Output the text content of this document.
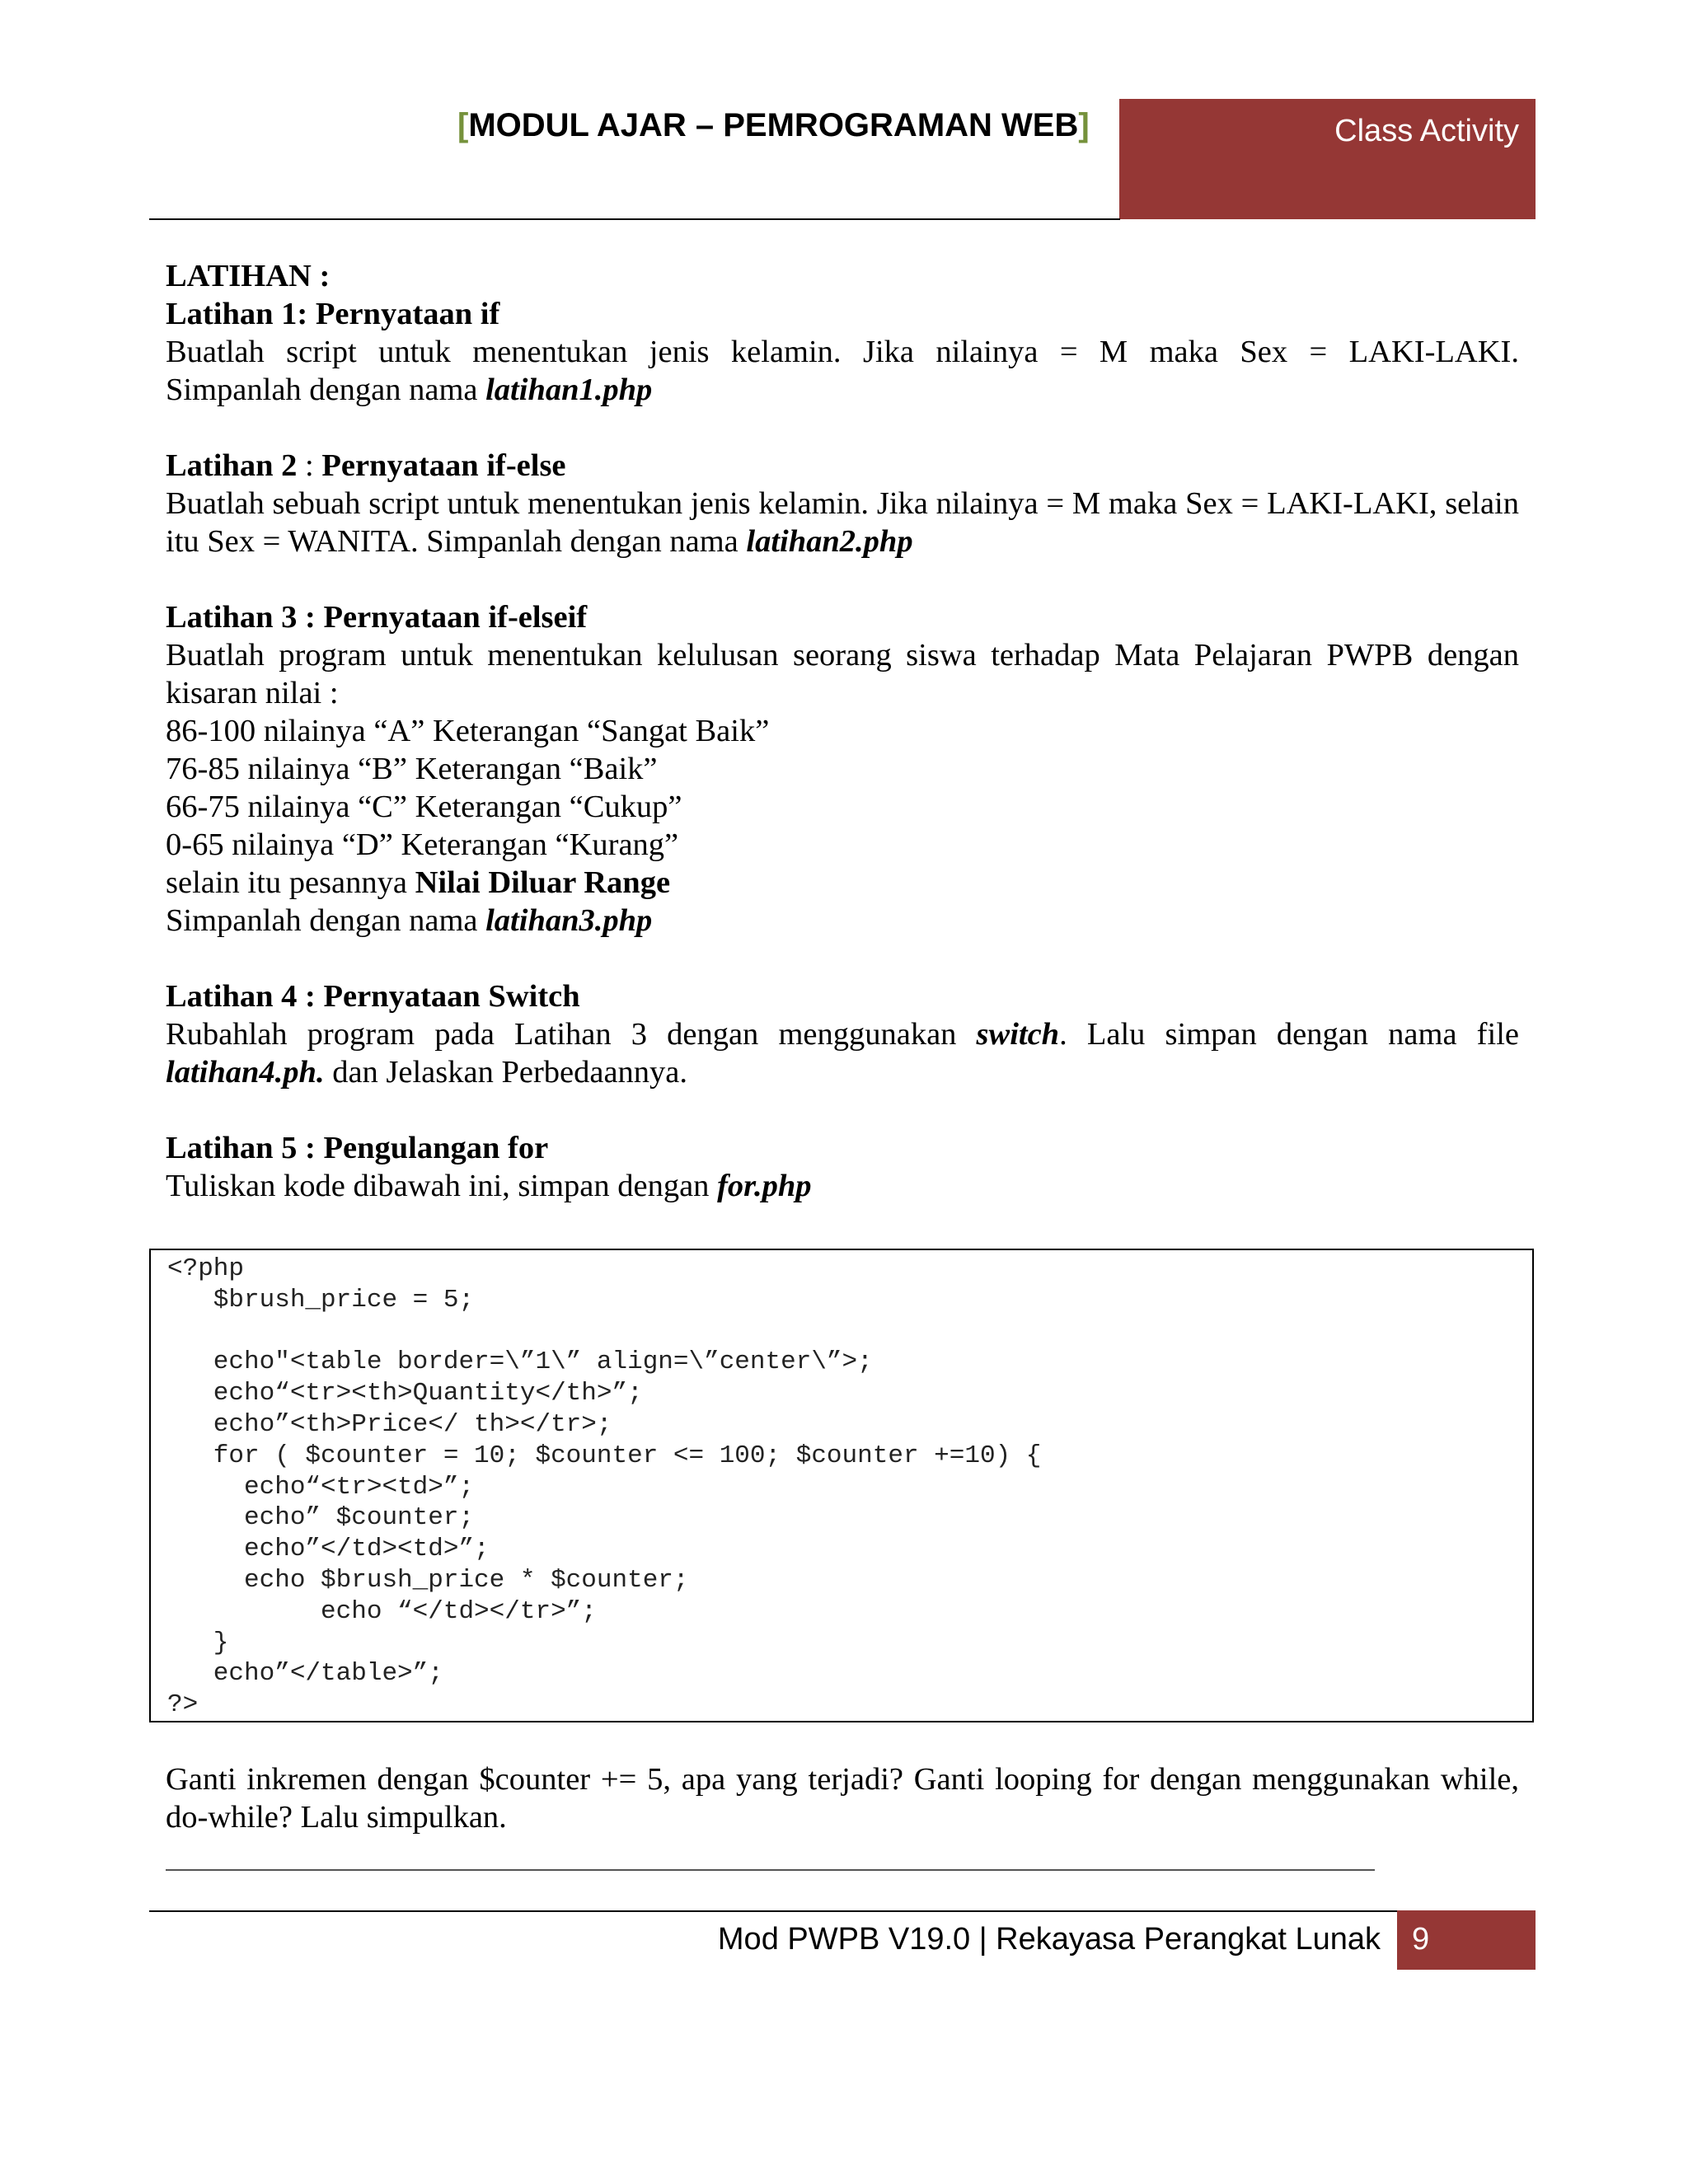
[MODUL AJAR – PEMROGRAMAN WEB]	Class Activity

LATIHAN :

Latihan 1: Pernyataan if

Buatlah script untuk menentukan jenis kelamin. Jika nilainya = M maka Sex = LAKI-LAKI.

Simpanlah dengan nama latihan1.php

Latihan 2 : Pernyataan if-else

Buatlah sebuah script untuk menentukan jenis kelamin. Jika nilainya = M maka Sex = LAKI-LAKI, selain itu Sex = WANITA. Simpanlah dengan nama latihan2.php

Latihan 3 : Pernyataan if-elseif

Buatlah program untuk menentukan kelulusan seorang siswa terhadap Mata Pelajaran PWPB dengan kisaran nilai :

86-100 nilainya “A” Keterangan “Sangat Baik”

76-85 nilainya “B” Keterangan “Baik”

66-75 nilainya “C” Keterangan “Cukup”

0-65 nilainya “D” Keterangan “Kurang”

selain itu pesannya Nilai Diluar Range

Simpanlah dengan nama latihan3.php

Latihan 4 : Pernyataan Switch

Rubahlah program pada Latihan 3 dengan menggunakan switch. Lalu simpan dengan nama file latihan4.ph. dan Jelaskan Perbedaannya.

Latihan 5 : Pengulangan for

Tuliskan kode dibawah ini, simpan dengan for.php

<?php
$brush_price = 5;

echo"<table border=\”1\” align=\”center\”>;
echo“<tr><th>Quantity</th>”;
echo”<th>Price</ th></tr>;
for ( $counter = 10; $counter <= 100; $counter +=10) {
echo“<tr><td>”;
echo” $counter;
echo”</td><td>”;
echo $brush_price * $counter;
echo “</td></tr>”;
}
echo”</table>”;
?>

Ganti inkremen dengan $counter += 5, apa yang terjadi? Ganti looping for dengan menggunakan while, do-while? Lalu simpulkan.

Mod PWPB V19.0 | Rekayasa Perangkat Lunak 9
